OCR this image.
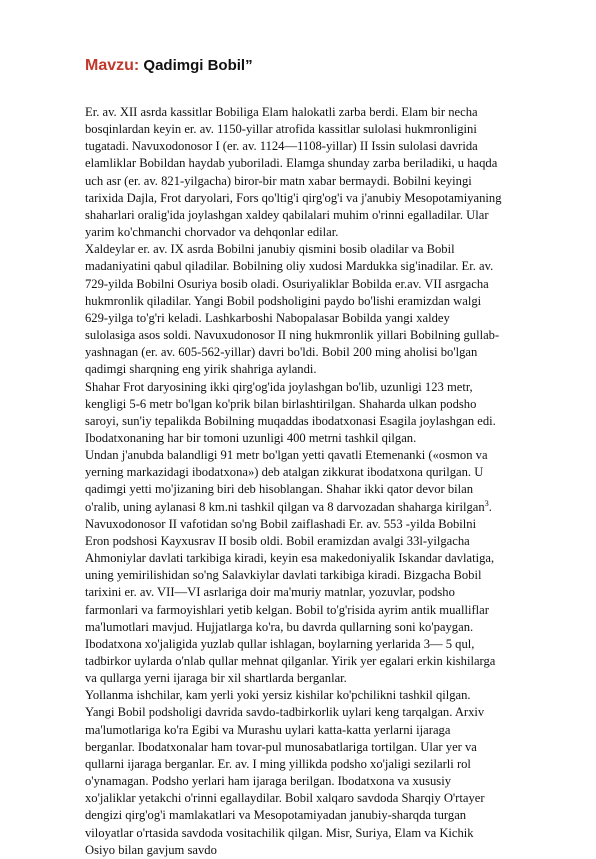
Mavzu: Qadimgi Bobil”
Er. av. XII asrda kassitlar Bobiliga Elam halokatli zarba berdi. Elam bir necha
bosqinlardan keyin er. av. 1150-yillar atrofida kassitlar sulolasi hukmronligini
tugatadi. Navuxodonosor I (er. av. 1124—1108-yillar) II Issin sulolasi davrida
elamliklar Bobildan haydab yuboriladi. Elamga shunday zarba beriladiki, u haqda
uch asr (er. av. 821-yilgacha) biror-bir matn xabar bermaydi. Bobilni keyingi
tarixida Dajla, Frot daryolari, Fors qo'ltig'i qirg'og'i va j'anubiy Mesopotamiyaning
shaharlari oralig'ida joylashgan xaldey qabilalari muhim o'rinni egalladilar. Ular
yarim ko'chmanchi chorvador va dehqonlar edilar.
Xaldeylar er. av. IX asrda Bobilni janubiy qismini bosib oladilar va Bobil
madaniyatini qabul qiladilar. Bobilning oliy xudosi Mardukka sig'inadilar. Er. av.
729-yilda Bobilni Osuriya bosib oladi. Osuriyaliklar Bobilda er.av. VII asrgacha
hukmronlik qiladilar. Yangi Bobil podsholigini paydo bo'lishi eramizdan walgi
629-yilga to'g'ri keladi. Lashkarboshi Nabopalasar Bobilda yangi xaldey
sulolasiga asos soldi. Navuxudonosor II ning hukmronlik yillari Bobilning gullab-
yashnagan (er. av. 605-562-yillar) davri bo'ldi. Bobil 200 ming aholisi bo'lgan
qadimgi sharqning eng yirik shahriga aylandi.
Shahar Frot daryosining ikki qirg'og'ida joylashgan bo'lib, uzunligi 123 metr,
kengligi 5-6 metr bo'lgan ko'prik bilan birlashtirilgan. Shaharda ulkan podsho
saroyi, sun'iy tepalikda Bobilning muqaddas ibodatxonasi Esagila joylashgan edi.
Ibodatxonaning har bir tomoni uzunligi 400 metrni tashkil qilgan.
Undan j'anubda balandligi 91 metr bo'lgan yetti qavatli Etemenanki («osmon va
yerning markazidagi ibodatxona») deb atalgan zikkurat ibodatxona qurilgan. U
qadimgi yetti mo'jizaning biri deb hisoblangan. Shahar ikki qator devor bilan
o'ralib, uning aylanasi 8 km.ni tashkil qilgan va 8 darvozadan shaharga kirilgan$^3$.
Navuxodonosor II vafotidan so'ng Bobil zaiflashadi Er. av. 553 -yilda Bobilni
Eron podshosi Kayxusrav II bosib oldi. Bobil eramizdan avalgi 33l-yilgacha
Ahmoniylar davlati tarkibiga kiradi, keyin esa makedoniyalik Iskandar davlatiga,
uning yemirilishidan so'ng Salavkiylar davlati tarkibiga kiradi. Bizgacha Bobil
tarixini er. av. VII—VI asrlariga doir ma'muriy matnlar, yozuvlar, podsho
farmonlari va farmoyishlari yetib kelgan. Bobil to'g'risida ayrim antik mualliflar
ma'lumotlari mavjud. Hujjatlarga ko'ra, bu davrda qullarning soni ko'paygan.
Ibodatxona xo'jaligida yuzlab qullar ishlagan, boylarning yerlarida 3— 5 qul,
tadbirkor uylarda o'nlab qullar mehnat qilganlar. Yirik yer egalari erkin kishilarga
va qullarga yerni ijaraga bir xil shartlarda berganlar.
Yollanma ishchilar, kam yerli yoki yersiz kishilar ko'pchilikni tashkil qilgan.
Yangi Bobil podsholigi davrida savdo-tadbirkorlik uylari keng tarqalgan. Arxiv
ma'lumotlariga ko'ra Egibi va Murashu uylari katta-katta yerlarni ijaraga
berganlar. Ibodatxonalar ham tovar-pul munosabatlariga tortilgan. Ular yer va
qullarni ijaraga berganlar. Er. av. I ming yillikda podsho xo'jaligi sezilarli rol
o'ynamagan. Podsho yerlari ham ijaraga berilgan. Ibodatxona va xususiy
xo'jaliklar yetakchi o'rinni egallaydilar. Bobil xalqaro savdoda Sharqiy O'rtayer
dengizi qirg'og'i mamlakatlari va Mesopotamiyadan janubiy-sharqda turgan
viloyatlar o'rtasida savdoda vositachilik qilgan. Misr, Suriya, Elam va Kichik
Osiyo bilan gavjum savdo
